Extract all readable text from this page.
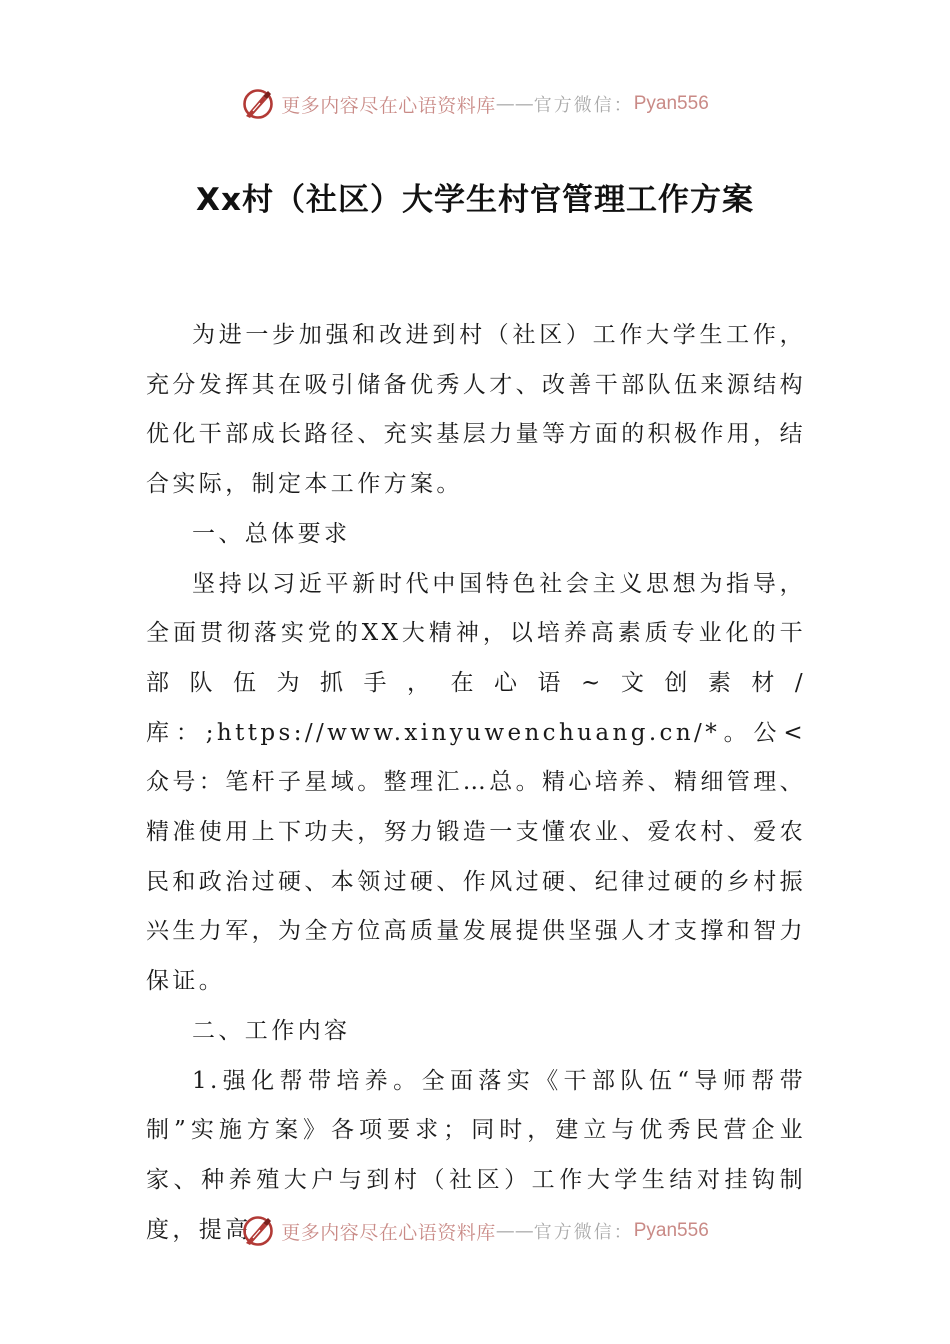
更多内容尽在心语资料库 —— 官方微信： Pyan556
Xx村（社区）大学生村官管理工作方案

为进一步加强和改进到村（社区）工作大学生工作，充分发挥其在吸引储备优秀人才、改善干部队伍来源结构优化干部成长路径、充实基层力量等方面的积极作用，结合实际，制定本工作方案。

一、总体要求

坚持以习近平新时代中国特色社会主义思想为指导，全面贯彻落实党的XX大精神，以培养高素质专业化的干部队伍为抓手，在心语~文创素材/库：;https://www.xinyuwenchuang.cn/*。公<众号：笔杆子星域。整理汇…总。精心培养、精细管理、精准使用上下功夫，努力锻造一支懂农业、爱农村、爱农民和政治过硬、本领过硬、作风过硬、纪律过硬的乡村振兴生力军，为全方位高质量发展提供坚强人才支撑和智力保证。

二、工作内容

1.强化帮带培养。全面落实《干部队伍“导师帮带制”实施方案》各项要求；同时，建立与优秀民营企业家、种养殖大户与到村（社区）工作大学生结对挂钩制度，提高	更多内容尽在心语资料库 —— 官方微信： Pyan556
